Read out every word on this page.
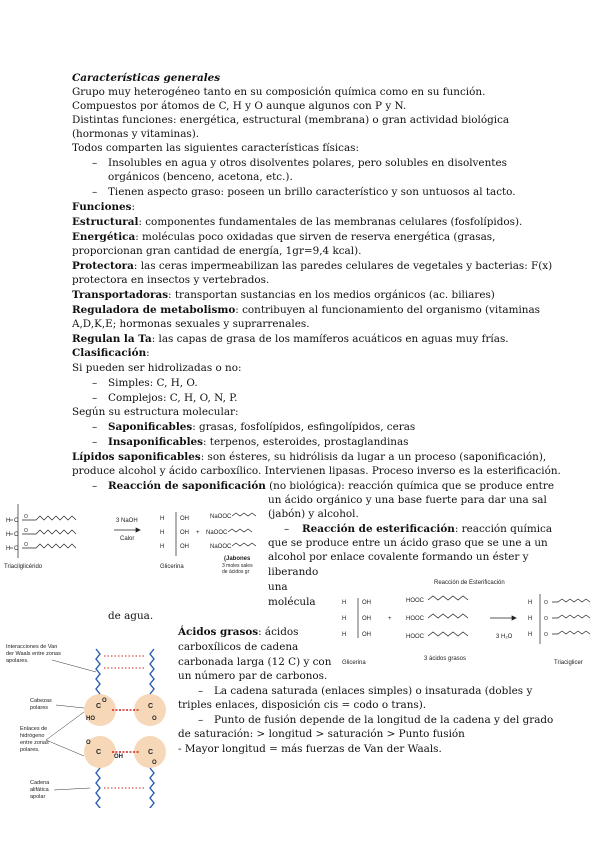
Características generales
Grupo muy heterogéneo tanto en su composición química como en su función.
Compuestos por átomos de C, H y O aunque algunos con P y N.
Distintas funciones: energética, estructural (membrana) o gran actividad biológica
(hormonas y vitaminas).
Todos comparten las siguientes características físicas:
– Insolubles en agua y otros disolventes polares, pero solubles en disolventes
orgánicos (benceno, acetona, etc.).
– Tienen aspecto graso: poseen un brillo característico y son untuosos al tacto.
Funciones:
Estructural: componentes fundamentales de las membranas celulares (fosfolípidos).
Energética: moléculas poco oxidadas que sirven de reserva energética (grasas,
proporcionan gran cantidad de energía, 1gr=9,4 kcal).
Protectora: las ceras impermeabilizan las paredes celulares de vegetales y bacterias: F(x)
protectora en insectos y vertebrados.
Transportadoras: transportan sustancias en los medios orgánicos (ac. biliares)
Reguladora de metabolismo: contribuyen al funcionamiento del organismo (vitaminas
A,D,K,E; hormonas sexuales y suprarrenales.
Regulan la Ta: las capas de grasa de los mamíferos acuáticos en aguas muy frías.
Clasificación:
Si pueden ser hidrolizadas o no:
– Simples: C, H, O.
– Complejos: C, H, O, N, P.
Según su estructura molecular:
– Saponificables: grasas, fosfolípidos, esfingolípidos, ceras
– Insaponificables: terpenos, esteroides, prostaglandinas
Lípidos saponificables: son ésteres, su hidrólisis da lugar a un proceso (saponificación),
produce alcohol y ácido carboxílico. Intervienen lipasas. Proceso inverso es la esterificación.
– Reacción de saponificación (no biológica): reacción química que se produce entre
un ácido orgánico y una base fuerte para dar una sal
(jabón) y alcohol.
– Reacción de esterificación: reacción química
que se produce entre un ácido graso que se une a un
alcohol por enlace covalente formando un éster y
liberando
una
molécula
de agua.
Ácidos grasos: ácidos
carboxílicos de cadena
carbonada larga (12 C) y con
un número par de carbonos.
– La cadena saturada (enlaces simples) o insaturada (dobles y
triples enlaces, disposición cis = codo o trans).
– Punto de fusión depende de la longitud de la cadena y del grado
de saturación: > longitud > saturación > Punto fusión
- Mayor longitud = más fuerzas de Van der Waals.
H C
C
C
H
H
O
O
O
Triacilglicérido
3 NaOH
Calor
H
H
H
OH
OH
OH
Glicerina
+
NaOOC
NaOOC
NaOOC
(Jabones
3 moles sales
de ácidos gr
Reacción de Esterificación
H
H
H
OH
OH
OH
Glicerina
+
HOOC
HOOC
HOOC
3 ácidos grasos
3 H₂O
H
H
H
O
O
O
Triaciglicer
Interacciones de Van
der Waals entre zonas
apolares.
Cabezas
polares
Enlaces de
hidrógeno
entre zonas
polares.
Cadena
alifática
apolar
C
O
HO
C
O
C
O
OH
C
O
